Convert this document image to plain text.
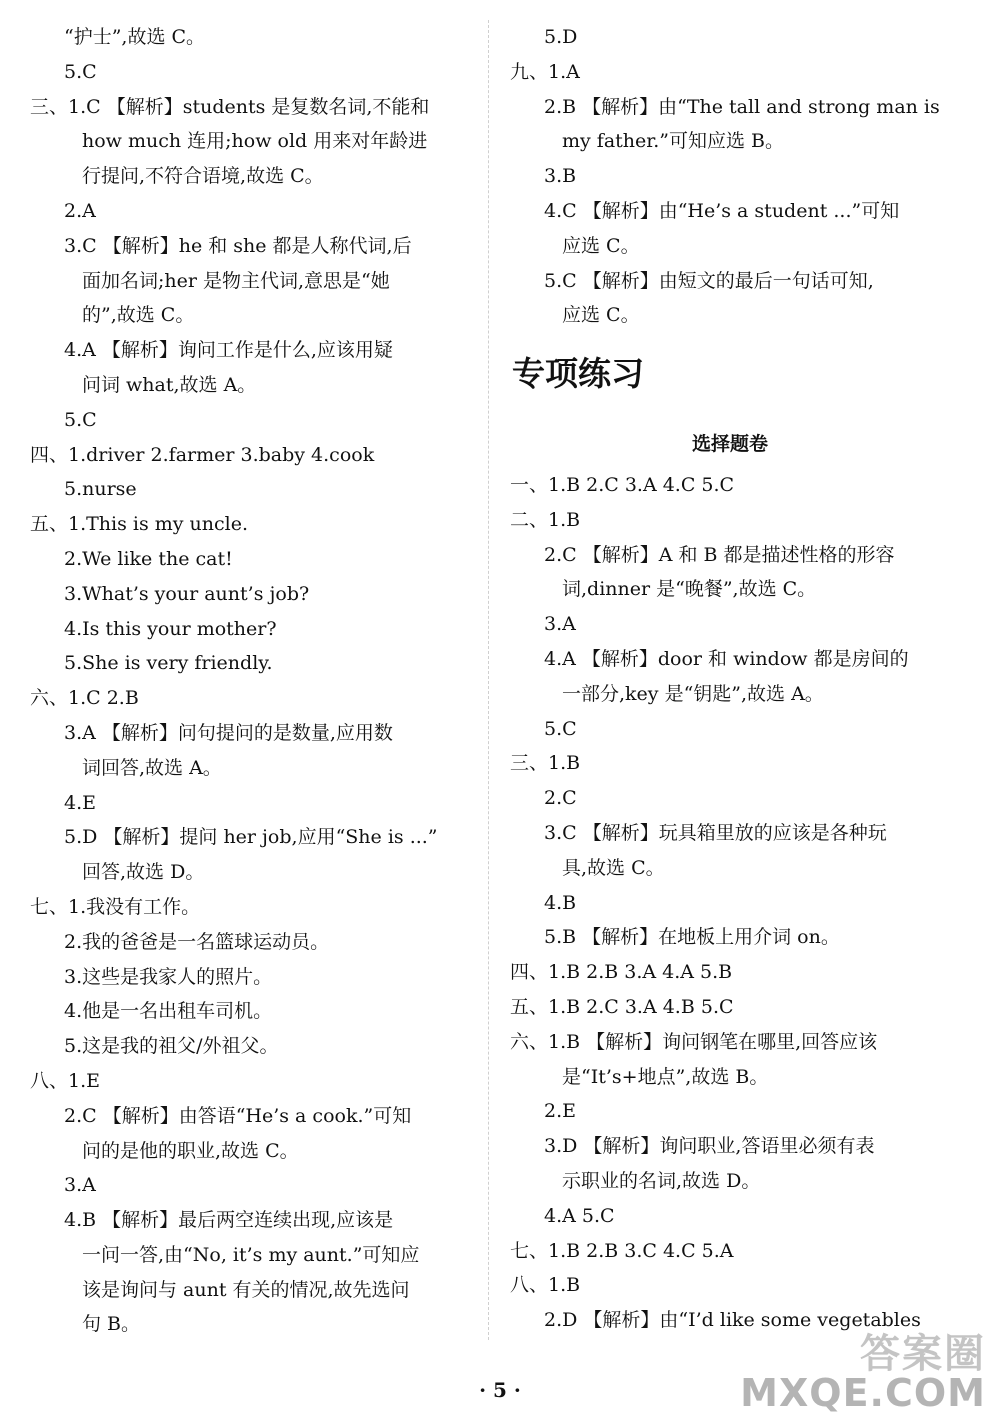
“护士”,故选 C。
5.C
三、1.C 【解析】students 是复数名词,不能和
how much 连用;how old 用来对年龄进
行提问,不符合语境,故选 C。
2.A
3.C 【解析】he 和 she 都是人称代词,后
面加名词;her 是物主代词,意思是“她
的”,故选 C。
4.A 【解析】询问工作是什么,应该用疑
问词 what,故选 A。
5.C
四、1.driver 2.farmer 3.baby 4.cook
5.nurse
五、1.This is my uncle.
2.We like the cat!
3.What’s your aunt’s job?
4.Is this your mother?
5.She is very friendly.
六、1.C 2.B
3.A 【解析】问句提问的是数量,应用数
词回答,故选 A。
4.E
5.D 【解析】提问 her job,应用“She is ...”
回答,故选 D。
七、1.我没有工作。
2.我的爸爸是一名篮球运动员。
3.这些是我家人的照片。
4.他是一名出租车司机。
5.这是我的祖父/外祖父。
八、1.E
2.C 【解析】由答语“He’s a cook.”可知
问的是他的职业,故选 C。
3.A
4.B 【解析】最后两空连续出现,应该是
一问一答,由“No, it’s my aunt.”可知应
该是询问与 aunt 有关的情况,故先选问
句 B。
5.D
九、1.A
2.B 【解析】由“The tall and strong man is
my father.”可知应选 B。
3.B
4.C 【解析】由“He’s a student ...”可知
应选 C。
5.C 【解析】由短文的最后一句话可知,
应选 C。
专项练习
选择题卷
一、1.B 2.C 3.A 4.C 5.C
二、1.B
2.C 【解析】A 和 B 都是描述性格的形容
词,dinner 是“晚餐”,故选 C。
3.A
4.A 【解析】door 和 window 都是房间的
一部分,key 是“钥匙”,故选 A。
5.C
三、1.B
2.C
3.C 【解析】玩具箱里放的应该是各种玩
具,故选 C。
4.B
5.B 【解析】在地板上用介词 on。
四、1.B 2.B 3.A 4.A 5.B
五、1.B 2.C 3.A 4.B 5.C
六、1.B 【解析】询问钢笔在哪里,回答应该
是“It’s+地点”,故选 B。
2.E
3.D 【解析】询问职业,答语里必须有表
示职业的名词,故选 D。
4.A 5.C
七、1.B 2.B 3.C 4.C 5.A
八、1.B
2.D 【解析】由“I’d like some vegetables
· 5 ·
答案圈
MXQE.COM
